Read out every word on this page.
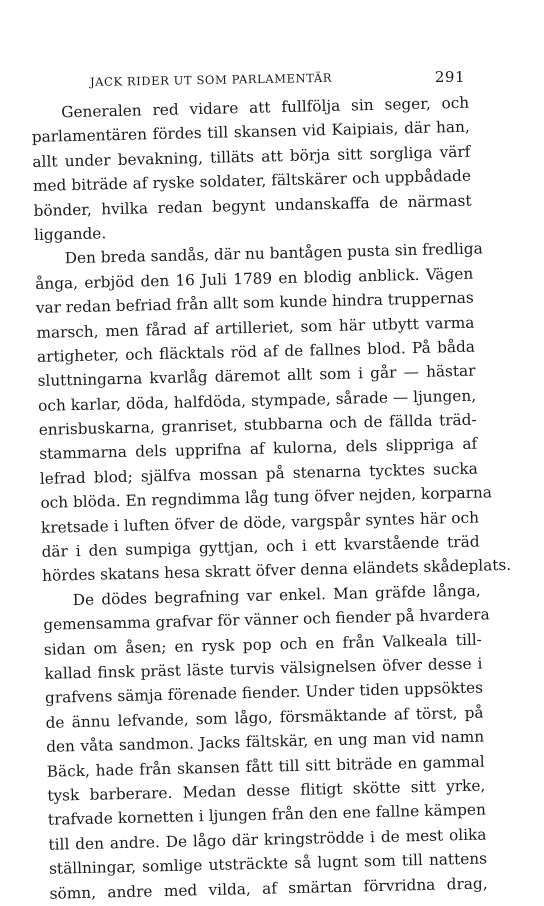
JACK RIDER UT SOM PARLAMENTÄR	291
Generalen red vidare att fullfölja sin seger, och
parlamentären fördes till skansen vid Kaipiais, där han,
allt under bevakning, tilläts att börja sitt sorgliga värf
med biträde af ryske soldater, fältskärer och uppbådade
bönder, hvilka redan begynt undanskaffa de närmast
liggande.
Den breda sandås, där nu bantågen pusta sin fredliga
ånga, erbjöd den 16 Juli 1789 en blodig anblick. Vägen
var redan befriad från allt som kunde hindra truppernas
marsch, men fårad af artilleriet, som här utbytt varma
artigheter, och fläcktals röd af de fallnes blod. På båda
sluttningarna kvarlåg däremot allt som i går — hästar
och karlar, döda, halfdöda, stympade, sårade — ljungen,
enrisbuskarna, granriset, stubbarna och de fällda träd-
stammarna dels upprifna af kulorna, dels slippriga af
lefrad blod; själfva mossan på stenarna tycktes sucka
och blöda. En regndimma låg tung öfver nejden, korparna
kretsade i luften öfver de döde, vargspår syntes här och
där i den sumpiga gyttjan, och i ett kvarstående träd
hördes skatans hesa skratt öfver denna eländets skådeplats.
De dödes begrafning var enkel. Man gräfde långa,
gemensamma grafvar för vänner och fiender på hvardera
sidan om åsen; en rysk pop och en från Valkeala till-
kallad finsk präst läste turvis välsignelsen öfver desse i
grafvens sämja förenade fiender. Under tiden uppsöktes
de ännu lefvande, som lågo, försmäktande af törst, på
den våta sandmon. Jacks fältskär, en ung man vid namn
Bäck, hade från skansen fått till sitt biträde en gammal
tysk barberare. Medan desse flitigt skötte sitt yrke,
trafvade kornetten i ljungen från den ene fallne kämpen
till den andre. De lågo där kringströdde i de mest olika
ställningar, somlige utsträckte så lugnt som till nattens
sömn, andre med vilda, af smärtan förvridna drag,
